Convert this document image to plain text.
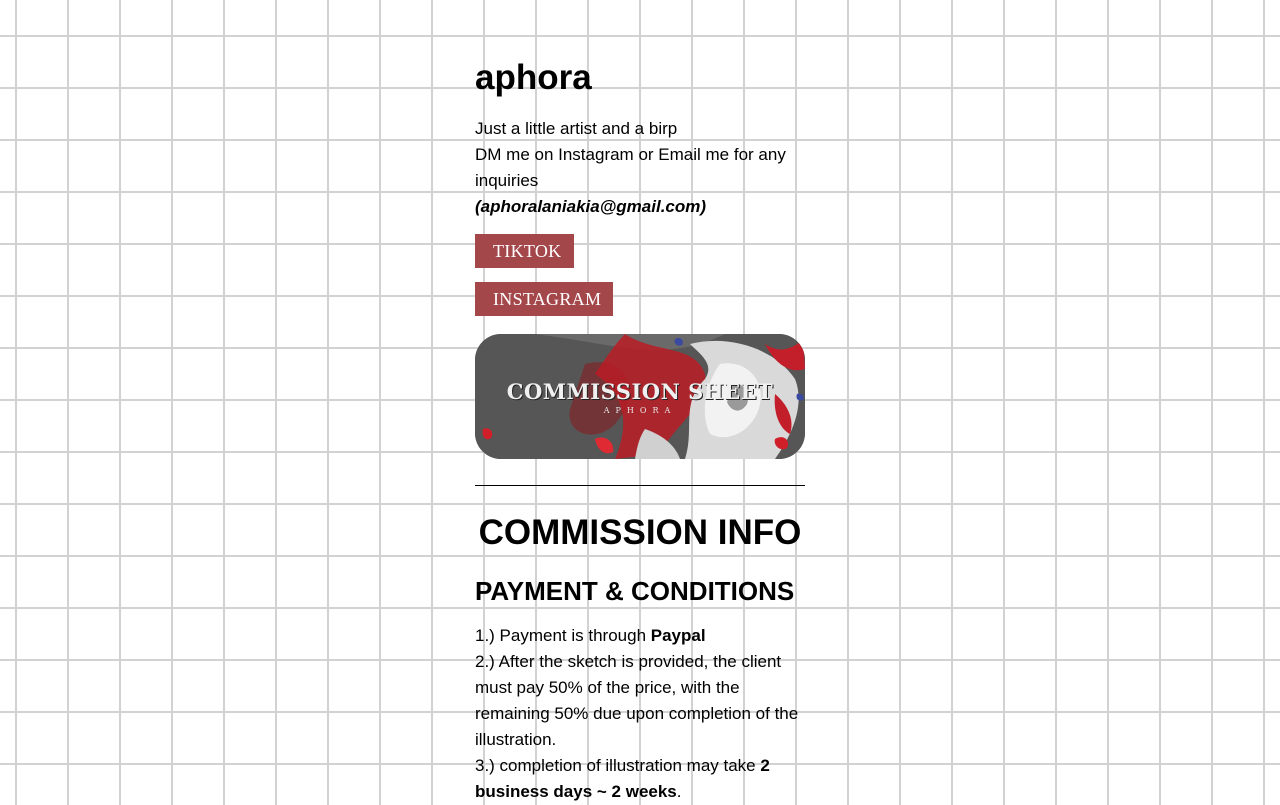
aphora
Just a little artist and a birp
DM me on Instagram or Email me for any inquiries
(aphoralaniakia@gmail.com)
TIKTOK
INSTAGRAM
COMMISSION SHEET
APHORA
COMMISSION INFO
PAYMENT & CONDITIONS
1.) Payment is through Paypal
2.) After the sketch is provided, the client must pay 50% of the price, with the remaining 50% due upon completion of the illustration.
3.) completion of illustration may take 2 business days ~ 2 weeks.
